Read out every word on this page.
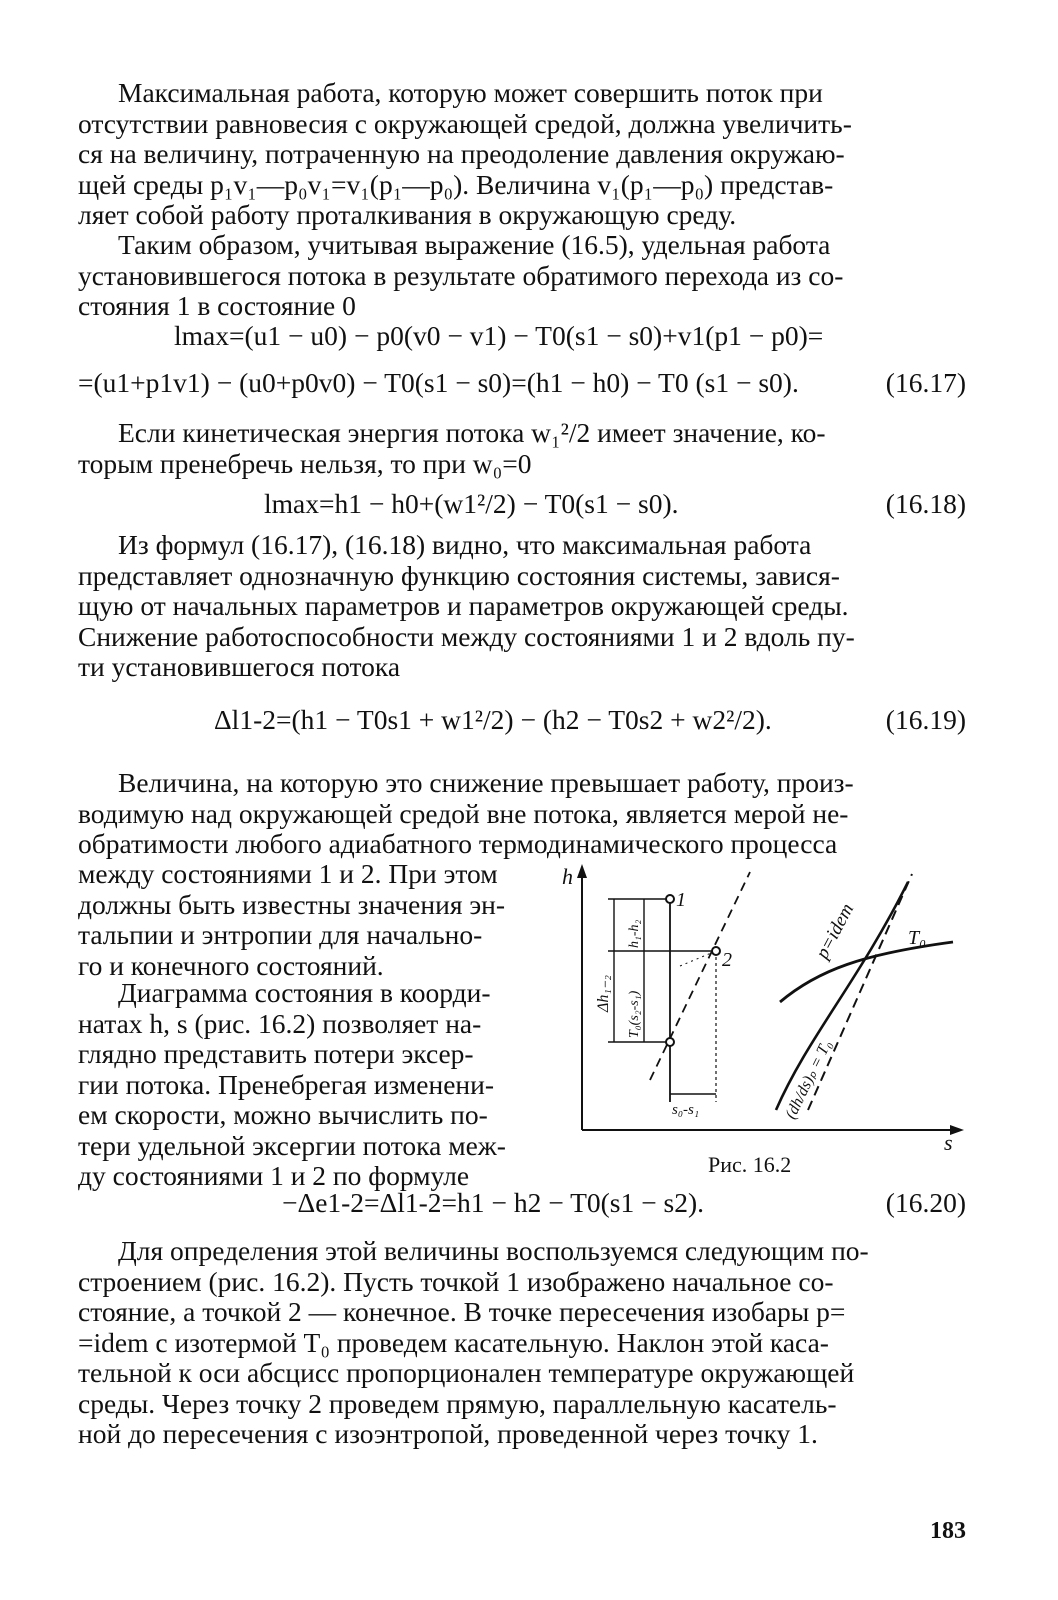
Максимальная работа, которую может совершить поток при
отсутствии равновесия с окружающей средой, должна увеличить-
ся на величину, потраченную на преодоление давления окружаю-
щей среды p₁v₁—p₀v₁=v₁(p₁—p₀). Величина v₁(p₁—p₀) представ-
ляет собой работу проталкивания в окружающую среду.
Таким образом, учитывая выражение (16.5), удельная работа
установившегося потока в результате обратимого перехода из со-
стояния 1 в состояние 0
lmax=(u1 − u0) − p0(v0 − v1) − T0(s1 − s0)+v1(p1 − p0)=
=(u1+p1v1) − (u0+p0v0) − T0(s1 − s0)=(h1 − h0) − T0 (s1 − s0).	(16.17)
Если кинетическая энергия потока w₁²/2 имеет значение, ко-
торым пренебречь нельзя, то при w₀=0
lmax=h1 − h0+(w1²/2) − T0(s1 − s0).	(16.18)
Из формул (16.17), (16.18) видно, что максимальная работа
представляет однозначную функцию состояния системы, завися-
щую от начальных параметров и параметров окружающей среды.
Снижение работоспособности между состояниями 1 и 2 вдоль пу-
ти установившегося потока
Δl1-2=(h1 − T0s1 + w1²/2) − (h2 − T0s2 + w2²/2).	(16.19)
Величина, на которую это снижение превышает работу, произ-
водимую над окружающей средой вне потока, является мерой не-
обратимости любого адиабатного термодинамического процесса
между состояниями 1 и 2. При этом
должны быть известны значения эн-
тальпии и энтропии для начально-
го и конечного состояний.
Диаграмма состояния в коорди-
натах h, s (рис. 16.2) позволяет на-
глядно представить потери эксер-
гии потока. Пренебрегая изменени-
ем скорости, можно вычислить по-
тери удельной эксергии потока меж-
ду состояниями 1 и 2 по формуле
h
s
1
2
Δh₁₋₂
h₁-h₂
T₀(s₂-s₁)
s₀-s₁
p=idem T₀
(dh/ds)ₚ = T₀
Рис. 16.2
−Δe1-2=Δl1-2=h1 − h2 − T0(s1 − s2).	(16.20)
Для определения этой величины воспользуемся следующим по-
строением (рис. 16.2). Пусть точкой 1 изображено начальное со-
стояние, а точкой 2 — конечное. В точке пересечения изобары p=
=idem с изотермой T₀ проведем касательную. Наклон этой каса-
тельной к оси абсцисс пропорционален температуре окружающей
среды. Через точку 2 проведем прямую, параллельную касатель-
ной до пересечения с изоэнтропой, проведенной через точку 1.
183
